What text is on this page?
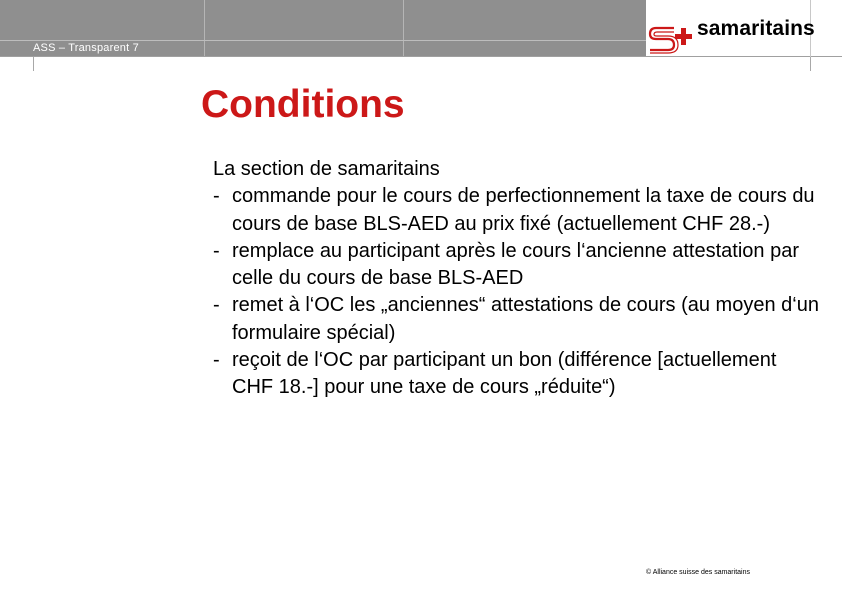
ASS – Transparent 7
samaritains
Conditions
La section de samaritains
- commande pour le cours de perfectionnement la taxe de cours du cours de base BLS-AED au prix fixé (actuellement CHF 28.-)
- remplace au participant après le cours l‘ancienne attestation par celle du cours de base BLS-AED
- remet à l‘OC les „anciennes“ attestations de cours (au moyen d‘un formulaire spécial)
- reçoit de l‘OC par participant un bon (différence [actuellement CHF 18.-] pour une taxe de cours „réduite“)
© Alliance suisse des samaritains
